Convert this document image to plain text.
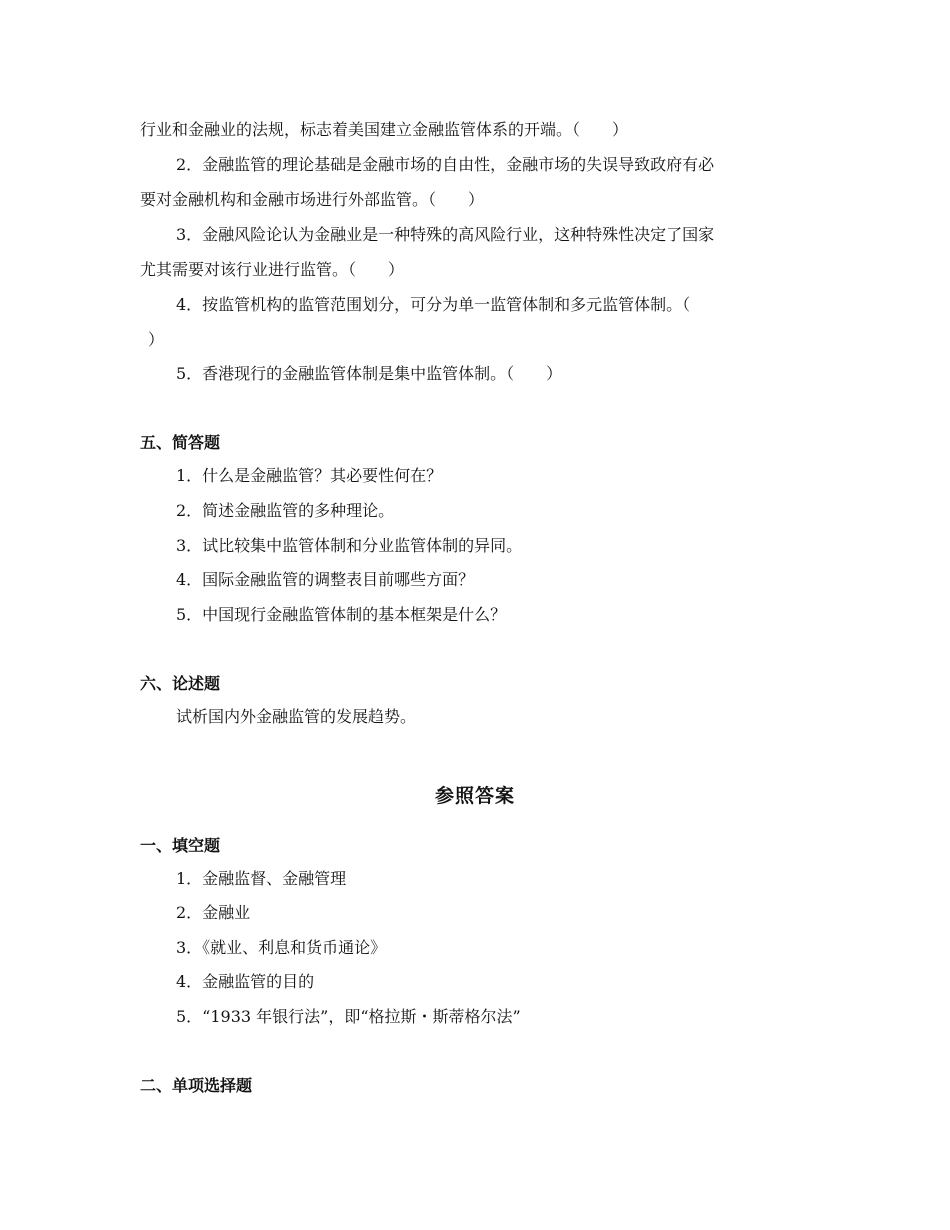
行业和金融业的法规，标志着美国建立金融监管体系的开端。（　　）
2．金融监管的理论基础是金融市场的自由性，金融市场的失误导致政府有必
要对金融机构和金融市场进行外部监管。（　　）
3．金融风险论认为金融业是一种特殊的高风险行业，这种特殊性决定了国家
尤其需要对该行业进行监管。（　　）
4．按监管机构的监管范围划分，可分为单一监管体制和多元监管体制。（
）
5．香港现行的金融监管体制是集中监管体制。（　　）
五、简答题
1．什么是金融监管？其必要性何在？
2．简述金融监管的多种理论。
3．试比较集中监管体制和分业监管体制的异同。
4．国际金融监管的调整表目前哪些方面？
5．中国现行金融监管体制的基本框架是什么？
六、论述题
试析国内外金融监管的发展趋势。
参照答案
一、填空题
1．金融监督、金融管理
2．金融业
3．《就业、利息和货币通论》
4．金融监管的目的
5．“1933 年银行法”，即“格拉斯・斯蒂格尔法”
二、单项选择题
